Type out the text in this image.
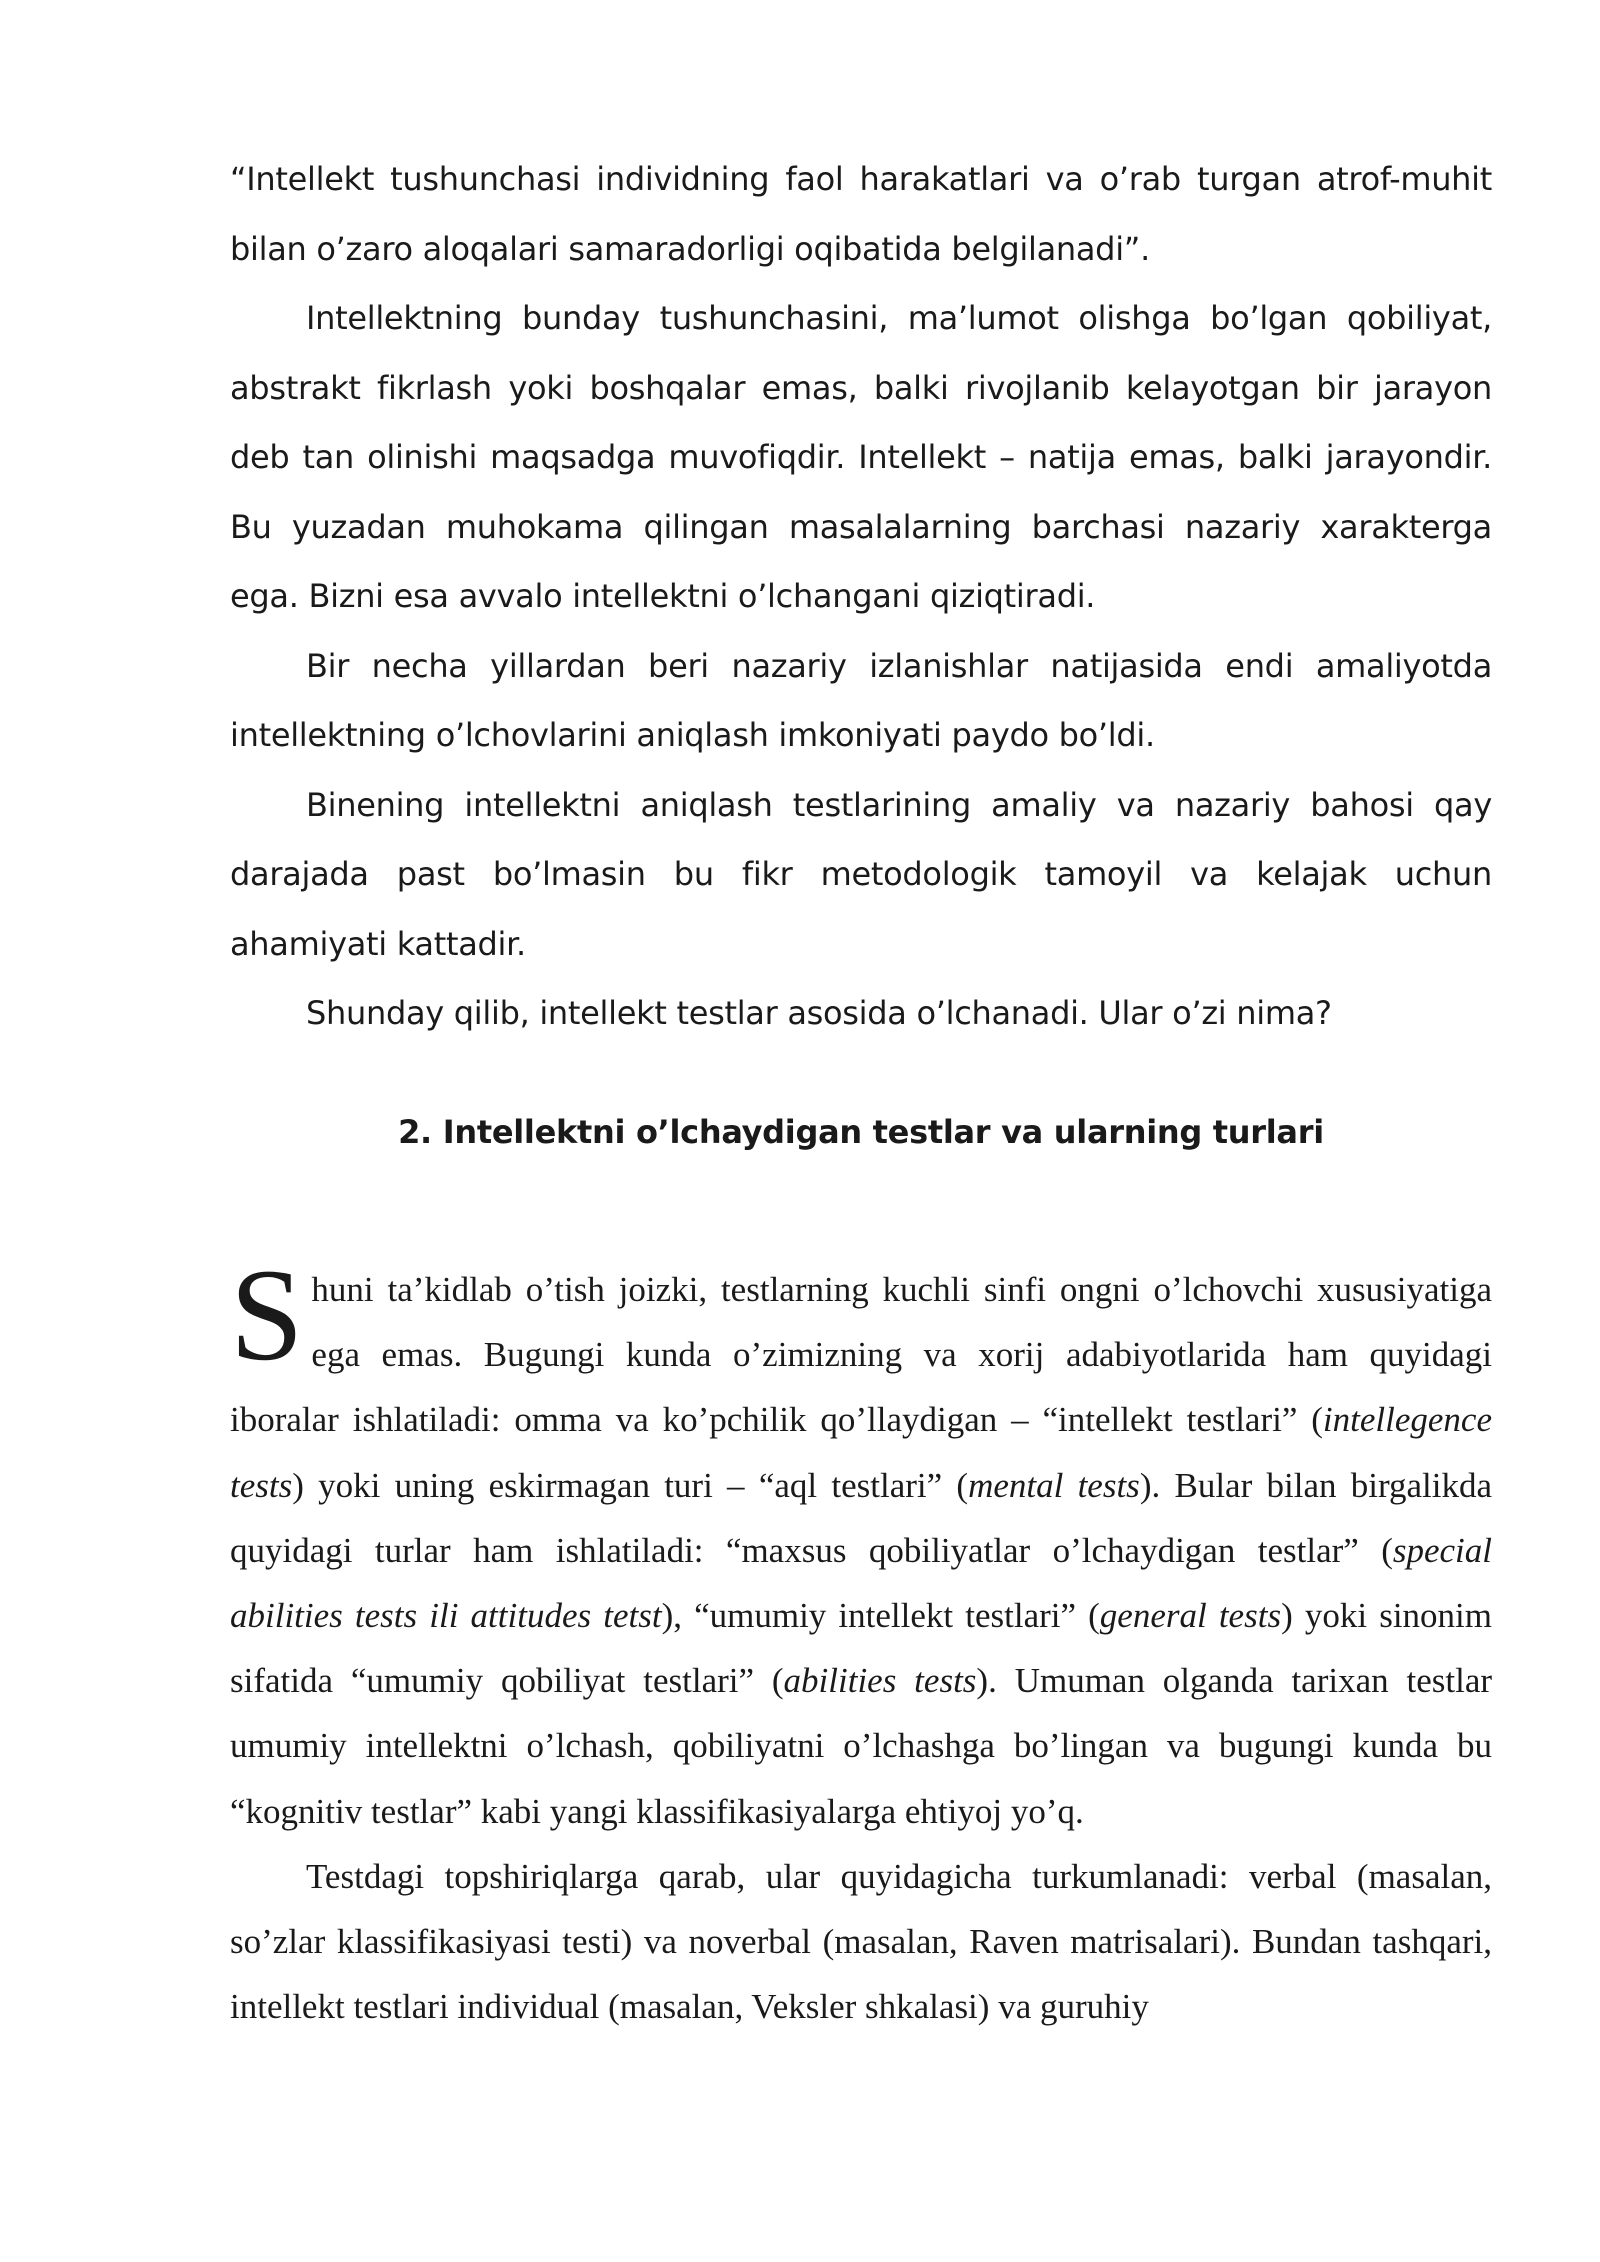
“Intellekt tushunchasi individning faol harakatlari va o’rab turgan atrof-muhit bilan o’zaro aloqalari samaradorligi oqibatida belgilanadi”.

Intellektning bunday tushunchasini, ma’lumot olishga bo’lgan qobiliyat, abstrakt fikrlash yoki boshqalar emas, balki rivojlanib kelayotgan bir jarayon deb tan olinishi maqsadga muvofiqdir. Intellekt – natija emas, balki jarayondir. Bu yuzadan muhokama qilingan masalalarning barchasi nazariy xarakterga ega. Bizni esa avvalo intellektni o’lchangani qiziqtiradi.

Bir necha yillardan beri nazariy izlanishlar natijasida endi amaliyotda intellektning o’lchovlarini aniqlash imkoniyati paydo bo’ldi.

Binening intellektni aniqlash testlarining amaliy va nazariy bahosi qay darajada past bo’lmasin bu fikr metodologik tamoyil va kelajak uchun ahamiyati kattadir.

Shunday qilib, intellekt testlar asosida o’lchanadi. Ular o’zi nima?

2. Intellektni o’lchaydigan testlar va ularning turlari

Shuni ta’kidlab o’tish joizki, testlarning kuchli sinfi ongni o’lchovchi xususiyatiga ega emas. Bugungi kunda o’zimizning va xorij adabiyotlarida ham quyidagi iboralar ishlatiladi: omma va ko’pchilik qo’llaydigan – “intellekt testlari” (intellegence tests) yoki uning eskirmagan turi – “aql testlari” (mental tests). Bular bilan birgalikda quyidagi turlar ham ishlatiladi: “maxsus qobiliyatlar o’lchaydigan testlar” (special abilities tests ili attitudes tetst), “umumiy intellekt testlari” (general tests) yoki sinonim sifatida “umumiy qobiliyat testlari” (abilities tests). Umuman olganda tarixan testlar umumiy intellektni o’lchash, qobiliyatni o’lchashga bo’lingan va bugungi kunda bu “kognitiv testlar” kabi yangi klassifikasiyalarga ehtiyoj yo’q.

Testdagi topshiriqlarga qarab, ular quyidagicha turkumlanadi: verbal (masalan, so’zlar klassifikasiyasi testi) va noverbal (masalan, Raven matrisalari). Bundan tashqari, intellekt testlari individual (masalan, Veksler shkalasi) va guruhiy
